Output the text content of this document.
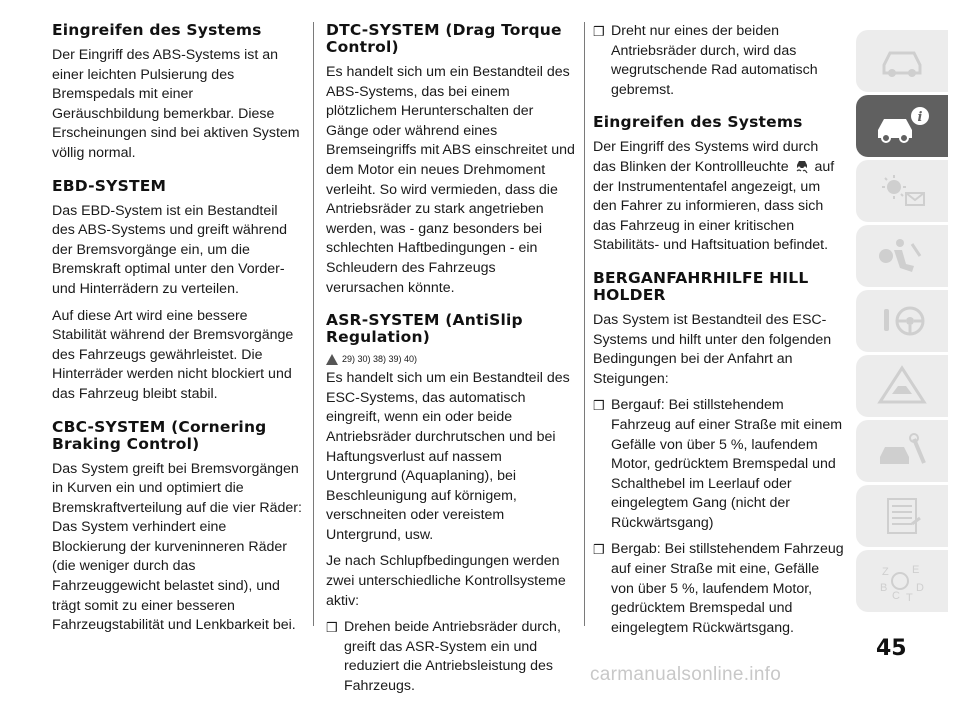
Eingreifen des Systems

Der Eingriff des ABS-Systems ist an einer leichten Pulsierung des Bremspedals mit einer Geräuschbildung bemerkbar. Diese Erscheinungen sind bei aktiven System völlig normal.

EBD-SYSTEM

Das EBD-System ist ein Bestandteil des ABS-Systems und greift während der Bremsvorgänge ein, um die Bremskraft optimal unter den Vorder- und Hinterrädern zu verteilen.

Auf diese Art wird eine bessere Stabilität während der Bremsvorgänge des Fahrzeugs gewährleistet. Die Hinterräder werden nicht blockiert und das Fahrzeug bleibt stabil.

CBC-SYSTEM (Cornering Braking Control)

Das System greift bei Bremsvorgängen in Kurven ein und optimiert die Bremskraftverteilung auf die vier Räder: Das System verhindert eine Blockierung der kurveninneren Räder (die weniger durch das Fahrzeuggewicht belastet sind), und trägt somit zu einer besseren Fahrzeugstabilität und Lenkbarkeit bei.

DTC-SYSTEM (Drag Torque Control)

Es handelt sich um ein Bestandteil des ABS-Systems, das bei einem plötzlichem Herunterschalten der Gänge oder während eines Bremseingriffs mit ABS einschreitet und dem Motor ein neues Drehmoment verleiht. So wird vermieden, dass die Antriebsräder zu stark angetrieben werden, was - ganz besonders bei schlechten Haftbedingungen - ein Schleudern des Fahrzeugs verursachen könnte.

ASR-SYSTEM (AntiSlip Regulation)
29) 30) 38) 39) 40)

Es handelt sich um ein Bestandteil des ESC-Systems, das automatisch eingreift, wenn ein oder beide Antriebsräder durchrutschen und bei Haftungsverlust auf nassem Untergrund (Aquaplaning), bei Beschleunigung auf körnigem, verschneiten oder vereistem Untergrund, usw.

Je nach Schlupfbedingungen werden zwei unterschiedliche Kontrollsysteme aktiv:

❒ Drehen beide Antriebsräder durch, greift das ASR-System ein und reduziert die Antriebsleistung des Fahrzeugs.
❒ Dreht nur eines der beiden Antriebsräder durch, wird das wegrutschende Rad automatisch gebremst.
Eingreifen des Systems

Der Eingriff des Systems wird durch das Blinken der Kontrollleuchte auf der Instrumententafel angezeigt, um den Fahrer zu informieren, dass sich das Fahrzeug in einer kritischen Stabilitäts- und Haftsituation befindet.

BERGANFAHRHILFE HILL HOLDER

Das System ist Bestandteil des ESC-Systems und hilft unter den folgenden Bedingungen bei der Anfahrt an Steigungen:

❒ Bergauf: Bei stillstehendem Fahrzeug auf einer Straße mit einem Gefälle von über 5 %, laufendem Motor, gedrücktem Bremspedal und Schalthebel im Leerlauf oder eingelegtem Gang (nicht der Rückwärtsgang)
❒ Bergab: Bei stillstehendem Fahrzeug auf einer Straße mit eine, Gefälle von über 5 %, laufendem Motor, gedrücktem Bremspedal und eingelegtem Rückwärtsgang.
i
Z E
B	D
C T
45
carmanualsonline.info
